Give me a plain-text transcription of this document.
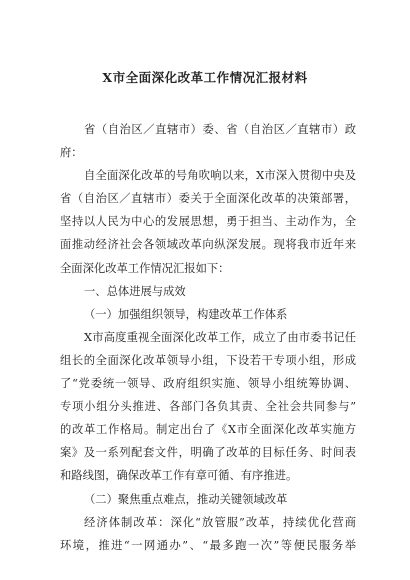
X市全面深化改革工作情况汇报材料
省（自治区／直辖市）委、省（自治区／直辖市）政
府：
自全面深化改革的号角吹响以来，X市深入贯彻中央及
省（自治区／直辖市）委关于全面深化改革的决策部署，
坚持以人民为中心的发展思想，勇于担当、主动作为，全
面推动经济社会各领域改革向纵深发展。现将我市近年来
全面深化改革工作情况汇报如下：
一、总体进展与成效
（一）加强组织领导，构建改革工作体系
X市高度重视全面深化改革工作，成立了由市委书记任
组长的全面深化改革领导小组，下设若干专项小组，形成
了“党委统一领导、政府组织实施、领导小组统筹协调、
专项小组分头推进、各部门各负其责、全社会共同参与”
的改革工作格局。制定出台了《X市全面深化改革实施方
案》及一系列配套文件，明确了改革的目标任务、时间表
和路线图，确保改革工作有章可循、有序推进。
（二）聚焦重点难点，推动关键领域改革
经济体制改革：深化“放管服”改革，持续优化营商
环境，推进“一网通办”、“最多跑一次”等便民服务举
